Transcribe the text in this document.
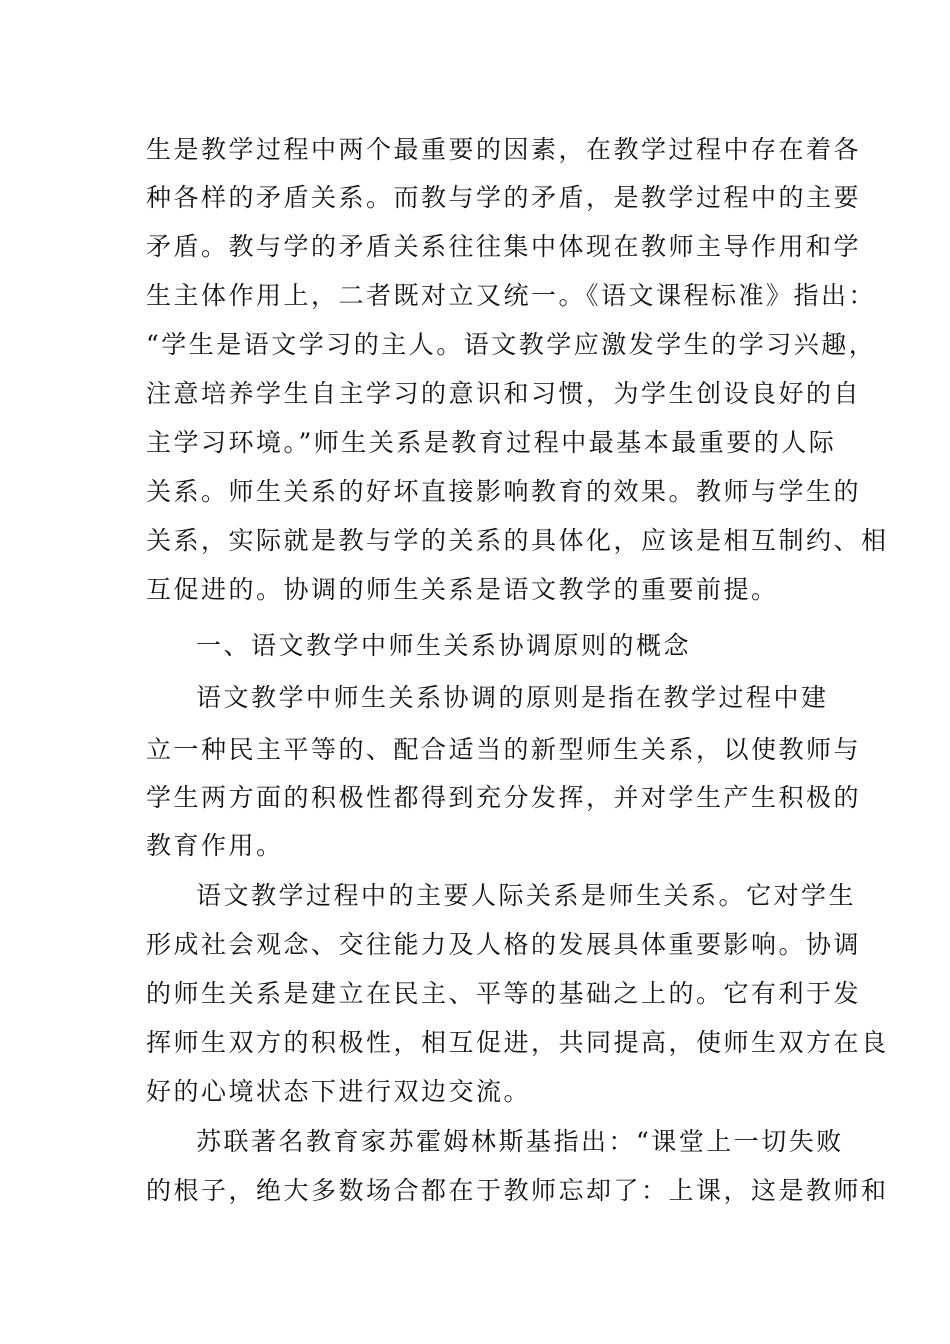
生是教学过程中两个最重要的因素，在教学过程中存在着各

种各样的矛盾关系。而教与学的矛盾，是教学过程中的主要

矛盾。教与学的矛盾关系往往集中体现在教师主导作用和学

生主体作用上，二者既对立又统一。《语文课程标准》指出：

“学生是语文学习的主人。语文教学应激发学生的学习兴趣，

注意培养学生自主学习的意识和习惯，为学生创设良好的自

主学习环境。”师生关系是教育过程中最基本最重要的人际

关系。师生关系的好坏直接影响教育的效果。教师与学生的

关系，实际就是教与学的关系的具体化，应该是相互制约、相

互促进的。协调的师生关系是语文教学的重要前提。

一、语文教学中师生关系协调原则的概念

语文教学中师生关系协调的原则是指在教学过程中建

立一种民主平等的、配合适当的新型师生关系，以使教师与

学生两方面的积极性都得到充分发挥，并对学生产生积极的

教育作用。

语文教学过程中的主要人际关系是师生关系。它对学生

形成社会观念、交往能力及人格的发展具体重要影响。协调

的师生关系是建立在民主、平等的基础之上的。它有利于发

挥师生双方的积极性，相互促进，共同提高，使师生双方在良

好的心境状态下进行双边交流。

苏联著名教育家苏霍姆林斯基指出：“课堂上一切失败

的根子，绝大多数场合都在于教师忘却了：上课，这是教师和
